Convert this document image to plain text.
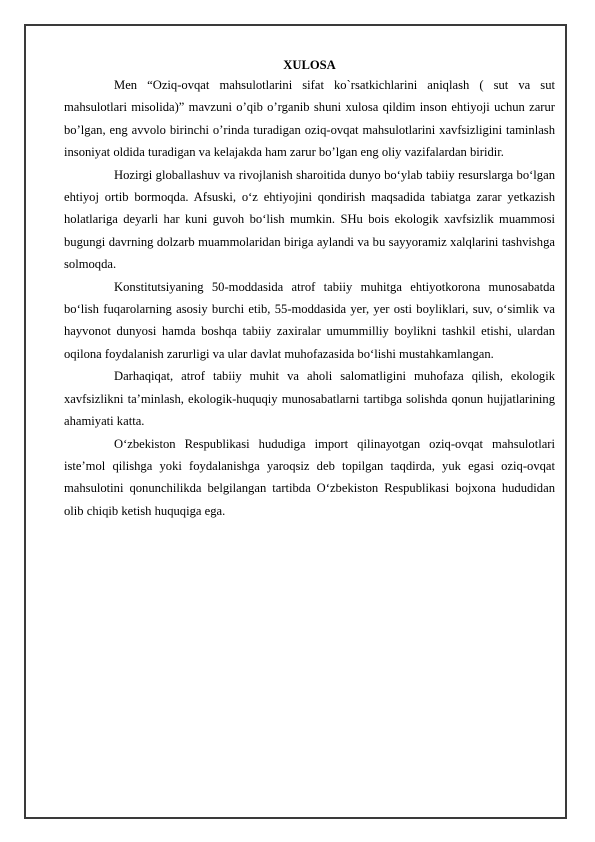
XULOSA

Men “Oziq-ovqat mahsulotlarini sifat ko`rsatkichlarini aniqlash ( sut va sut mahsulotlari misolida)” mavzuni o’qib o’rganib shuni xulosa qildim inson ehtiyoji uchun zarur bo’lgan, eng avvolo birinchi o’rinda turadigan oziq-ovqat mahsulotlarini xavfsizligini taminlash insoniyat oldida turadigan va kelajakda ham zarur bo’lgan eng oliy vazifalardan biridir.

Hozirgi globallashuv va rivojlanish sharoitida dunyo bo‘ylab tabiiy resurslarga bo‘lgan ehtiyoj ortib bormoqda. Afsuski, o‘z ehtiyojini qondirish maqsadida tabiatga zarar yetkazish holatlariga deyarli har kuni guvoh bo‘lish mumkin. SHu bois ekologik xavfsizlik muammosi bugungi davrning dolzarb muammolaridan biriga aylandi va bu sayyoramiz xalqlarini tashvishga solmoqda.

Konstitutsiyaning 50-moddasida atrof tabiiy muhitga ehtiyotkorona munosabatda bo‘lish fuqarolarning asosiy burchi etib, 55-moddasida yer, yer osti boyliklari, suv, o‘simlik va hayvonot dunyosi hamda boshqa tabiiy zaxiralar umummilliy boylikni tashkil etishi, ulardan oqilona foydalanish zarurligi va ular davlat muhofazasida bo‘lishi mustahkamlangan.

Darhaqiqat, atrof tabiiy muhit va aholi salomatligini muhofaza qilish, ekologik xavfsizlikni ta’minlash, ekologik-huquqiy munosabatlarni tartibga solishda qonun hujjatlarining ahamiyati katta.

O‘zbekiston Respublikasi hududiga import qilinayotgan oziq-ovqat mahsulotlari iste’mol qilishga yoki foydalanishga yaroqsiz deb topilgan taqdirda, yuk egasi oziq-ovqat mahsulotini qonunchilikda belgilangan tartibda O‘zbekiston Respublikasi bojxona hududidan olib chiqib ketish huquqiga ega.
